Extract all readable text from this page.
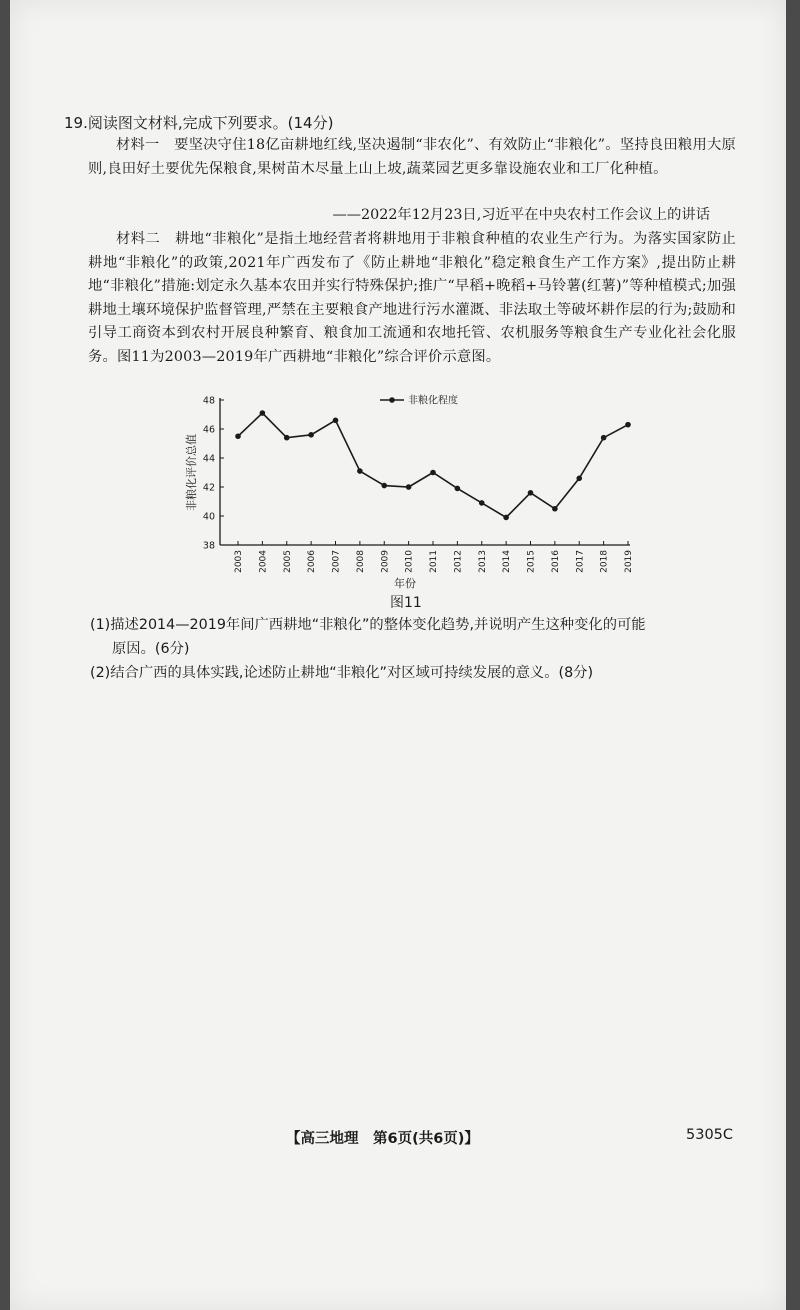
19.阅读图文材料,完成下列要求。(14分)
材料一　要坚决守住18亿亩耕地红线,坚决遏制“非农化”、有效防止“非粮化”。坚持良田粮用大原则,良田好土要优先保粮食,果树苗木尽量上山上坡,蔬菜园艺更多靠设施农业和工厂化种植。
——2022年12月23日,习近平在中央农村工作会议上的讲话
材料二　耕地“非粮化”是指土地经营者将耕地用于非粮食种植的农业生产行为。为落实国家防止耕地“非粮化”的政策,2021年广西发布了《防止耕地“非粮化”稳定粮食生产工作方案》,提出防止耕地“非粮化”措施:划定永久基本农田并实行特殊保护;推广“早稻+晚稻+马铃薯(红薯)”等种植模式;加强耕地土壤环境保护监督管理,严禁在主要粮食产地进行污水灌溉、非法取土等破坏耕作层的行为;鼓励和引导工商资本到农村开展良种繁育、粮食加工流通和农地托管、农机服务等粮食生产专业化社会化服务。图11为2003—2019年广西耕地“非粮化”综合评价示意图。
38
40
42
44
46
48
非粮化评价总值
2003 2004 2005 2006 2007 2008 2009 2010 2011 2012 2013 2014 2015 2016 2017 2018 2019
年份
非粮化程度
图11
(1)描述2014—2019年间广西耕地“非粮化”的整体变化趋势,并说明产生这种变化的可能
原因。(6分)
(2)结合广西的具体实践,论述防止耕地“非粮化”对区域可持续发展的意义。(8分)
【高三地理　第6页(共6页)】	5305C
